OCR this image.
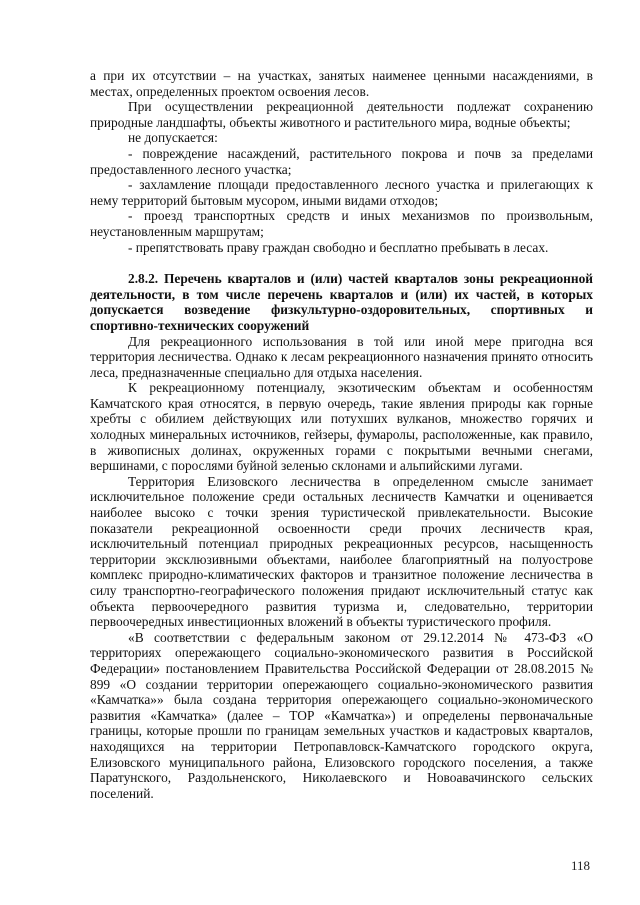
а при их отсутствии – на участках, занятых наименее ценными насаждениями, в местах, определенных проектом освоения лесов.

При осуществлении рекреационной деятельности подлежат сохранению природные ландшафты, объекты животного и растительного мира, водные объекты;

не допускается:

- повреждение насаждений, растительного покрова и почв за пределами предоставленного лесного участка;

- захламление площади предоставленного лесного участка и прилегающих к нему территорий бытовым мусором, иными видами отходов;

- проезд транспортных средств и иных механизмов по произвольным, неустановленным маршрутам;

- препятствовать праву граждан свободно и бесплатно пребывать в лесах.

2.8.2. Перечень кварталов и (или) частей кварталов зоны рекреационной деятельности, в том числе перечень кварталов и (или) их частей, в которых допускается возведение физкультурно-оздоровительных, спортивных и спортивно-технических сооружений

Для рекреационного использования в той или иной мере пригодна вся территория лесничества. Однако к лесам рекреационного назначения принято относить леса, предназначенные специально для отдыха населения.

К рекреационному потенциалу, экзотическим объектам и особенностям Камчатского края относятся, в первую очередь, такие явления природы как горные хребты с обилием действующих или потухших вулканов, множество горячих и холодных минеральных источников, гейзеры, фумаролы, расположенные, как правило, в живописных долинах, окруженных горами с покрытыми вечными снегами, вершинами, с порослями буйной зеленью склонами и альпийскими лугами.

Территория Елизовского лесничества в определенном смысле занимает исключительное положение среди остальных лесничеств Камчатки и оценивается наиболее высоко с точки зрения туристической привлекательности. Высокие показатели рекреационной освоенности среди прочих лесничеств края, исключительный потенциал природных рекреационных ресурсов, насыщенность территории эксклюзивными объектами, наиболее благоприятный на полуострове комплекс природно-климатических факторов и транзитное положение лесничества в силу транспортно-географического положения придают исключительный статус как объекта первоочередного развития туризма и, следовательно, территории первоочередных инвестиционных вложений в объекты туристического профиля.

«В соответствии с федеральным законом от 29.12.2014 № 473-ФЗ «О территориях опережающего социально-экономического развития в Российской Федерации» постановлением Правительства Российской Федерации от 28.08.2015 № 899 «О создании территории опережающего социально-экономического развития «Камчатка»» была создана территория опережающего социально-экономического развития «Камчатка» (далее – ТОР «Камчатка») и определены первоначальные границы, которые прошли по границам земельных участков и кадастровых кварталов, находящихся на территории Петропавловск-Камчатского городского округа, Елизовского муниципального района, Елизовского городского поселения, а также Паратунского, Раздольненского, Николаевского и Новоавачинского сельских поселений.

118
